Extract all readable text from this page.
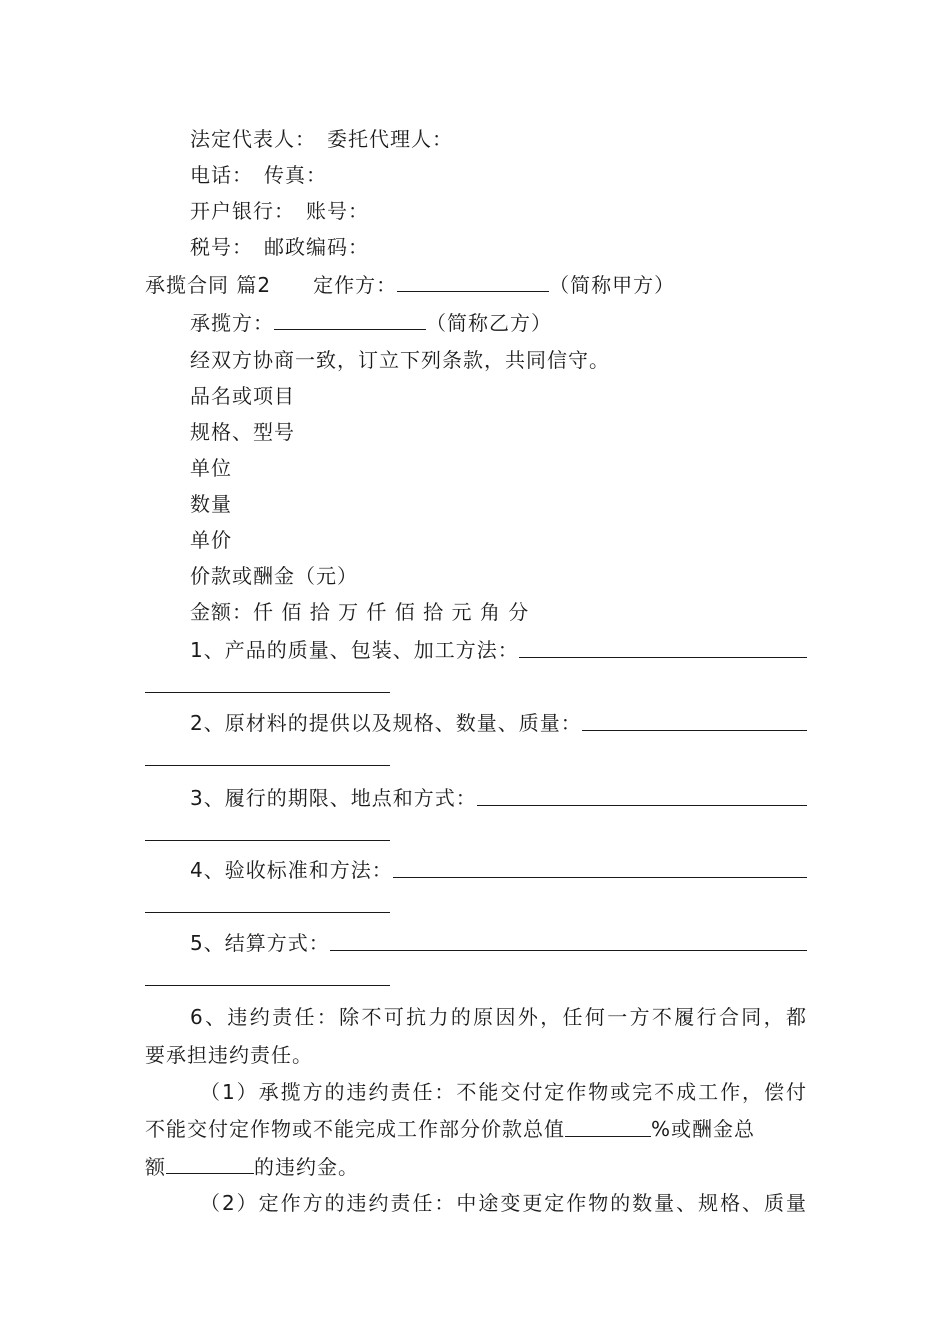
法定代表人：　委托代理人：
电话：　传真：
开户银行：　账号：
税号：　邮政编码：
承揽合同 篇2　　 定作方：	（简称甲方）
承揽方：	（简称乙方）
经双方协商一致，订立下列条款，共同信守。
品名或项目
规格、型号
单位
数量
单价
价款或酬金（元）
金额：仟 佰 拾 万 仟 佰 拾 元 角 分
1、产品的质量、包装、加工方法：
2、原材料的提供以及规格、数量、质量：
3、履行的期限、地点和方式：
4、验收标准和方法：
5、结算方式：
6、违约责任：除不可抗力的原因外，任何一方不履行合同，都
要承担违约责任。
（1）承揽方的违约责任：不能交付定作物或完不成工作，偿付
不能交付定作物或不能完成工作部分价款总值	%或酬金总
额	的违约金。
（2）定作方的违约责任：中途变更定作物的数量、规格、质量
